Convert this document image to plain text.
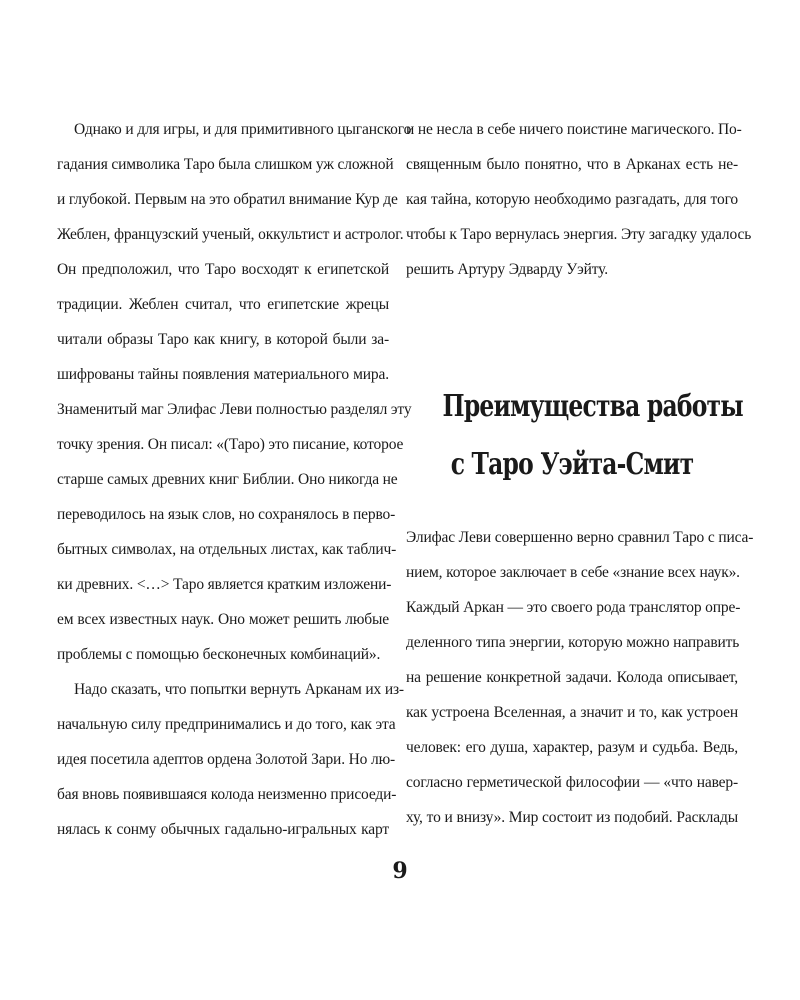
Однако и для игры, и для примитивного цыганского
гадания символика Таро была слишком уж сложной
и глубокой. Первым на это обратил внимание Кур де
Жеблен, французский ученый, оккультист и астролог.
Он предположил, что Таро восходят к египетской
традиции. Жеблен считал, что египетские жрецы
читали образы Таро как книгу, в которой были за-
шифрованы тайны появления материального мира.
Знаменитый маг Элифас Леви полностью разделял эту
точку зрения. Он писал: «(Таро) это писание, которое
старше самых древних книг Библии. Оно никогда не
переводилось на язык слов, но сохранялось в перво-
бытных символах, на отдельных листах, как таблич-
ки древних. <…> Таро является кратким изложени-
ем всех известных наук. Оно может решить любые
проблемы с помощью бесконечных комбинаций».
Надо сказать, что попытки вернуть Арканам их из-
начальную силу предпринимались и до того, как эта
идея посетила адептов ордена Золотой Зари. Но лю-
бая вновь появившаяся колода неизменно присоеди-
нялась к сонму обычных гадально-игральных карт
и не несла в себе ничего поистине магического. По-
священным было понятно, что в Арканах есть не-
кая тайна, которую необходимо разгадать, для того
чтобы к Таро вернулась энергия. Эту загадку удалось
решить Артуру Эдварду Уэйту.
Преимущества работы
с Таро Уэйта-Смит
Элифас Леви совершенно верно сравнил Таро с писа-
нием, которое заключает в себе «знание всех наук».
Каждый Аркан — это своего рода транслятор опре-
деленного типа энергии, которую можно направить
на решение конкретной задачи. Колода описывает,
как устроена Вселенная, а значит и то, как устроен
человек: его душа, характер, разум и судьба. Ведь,
согласно герметической философии — «что навер-
ху, то и внизу». Мир состоит из подобий. Расклады
9
